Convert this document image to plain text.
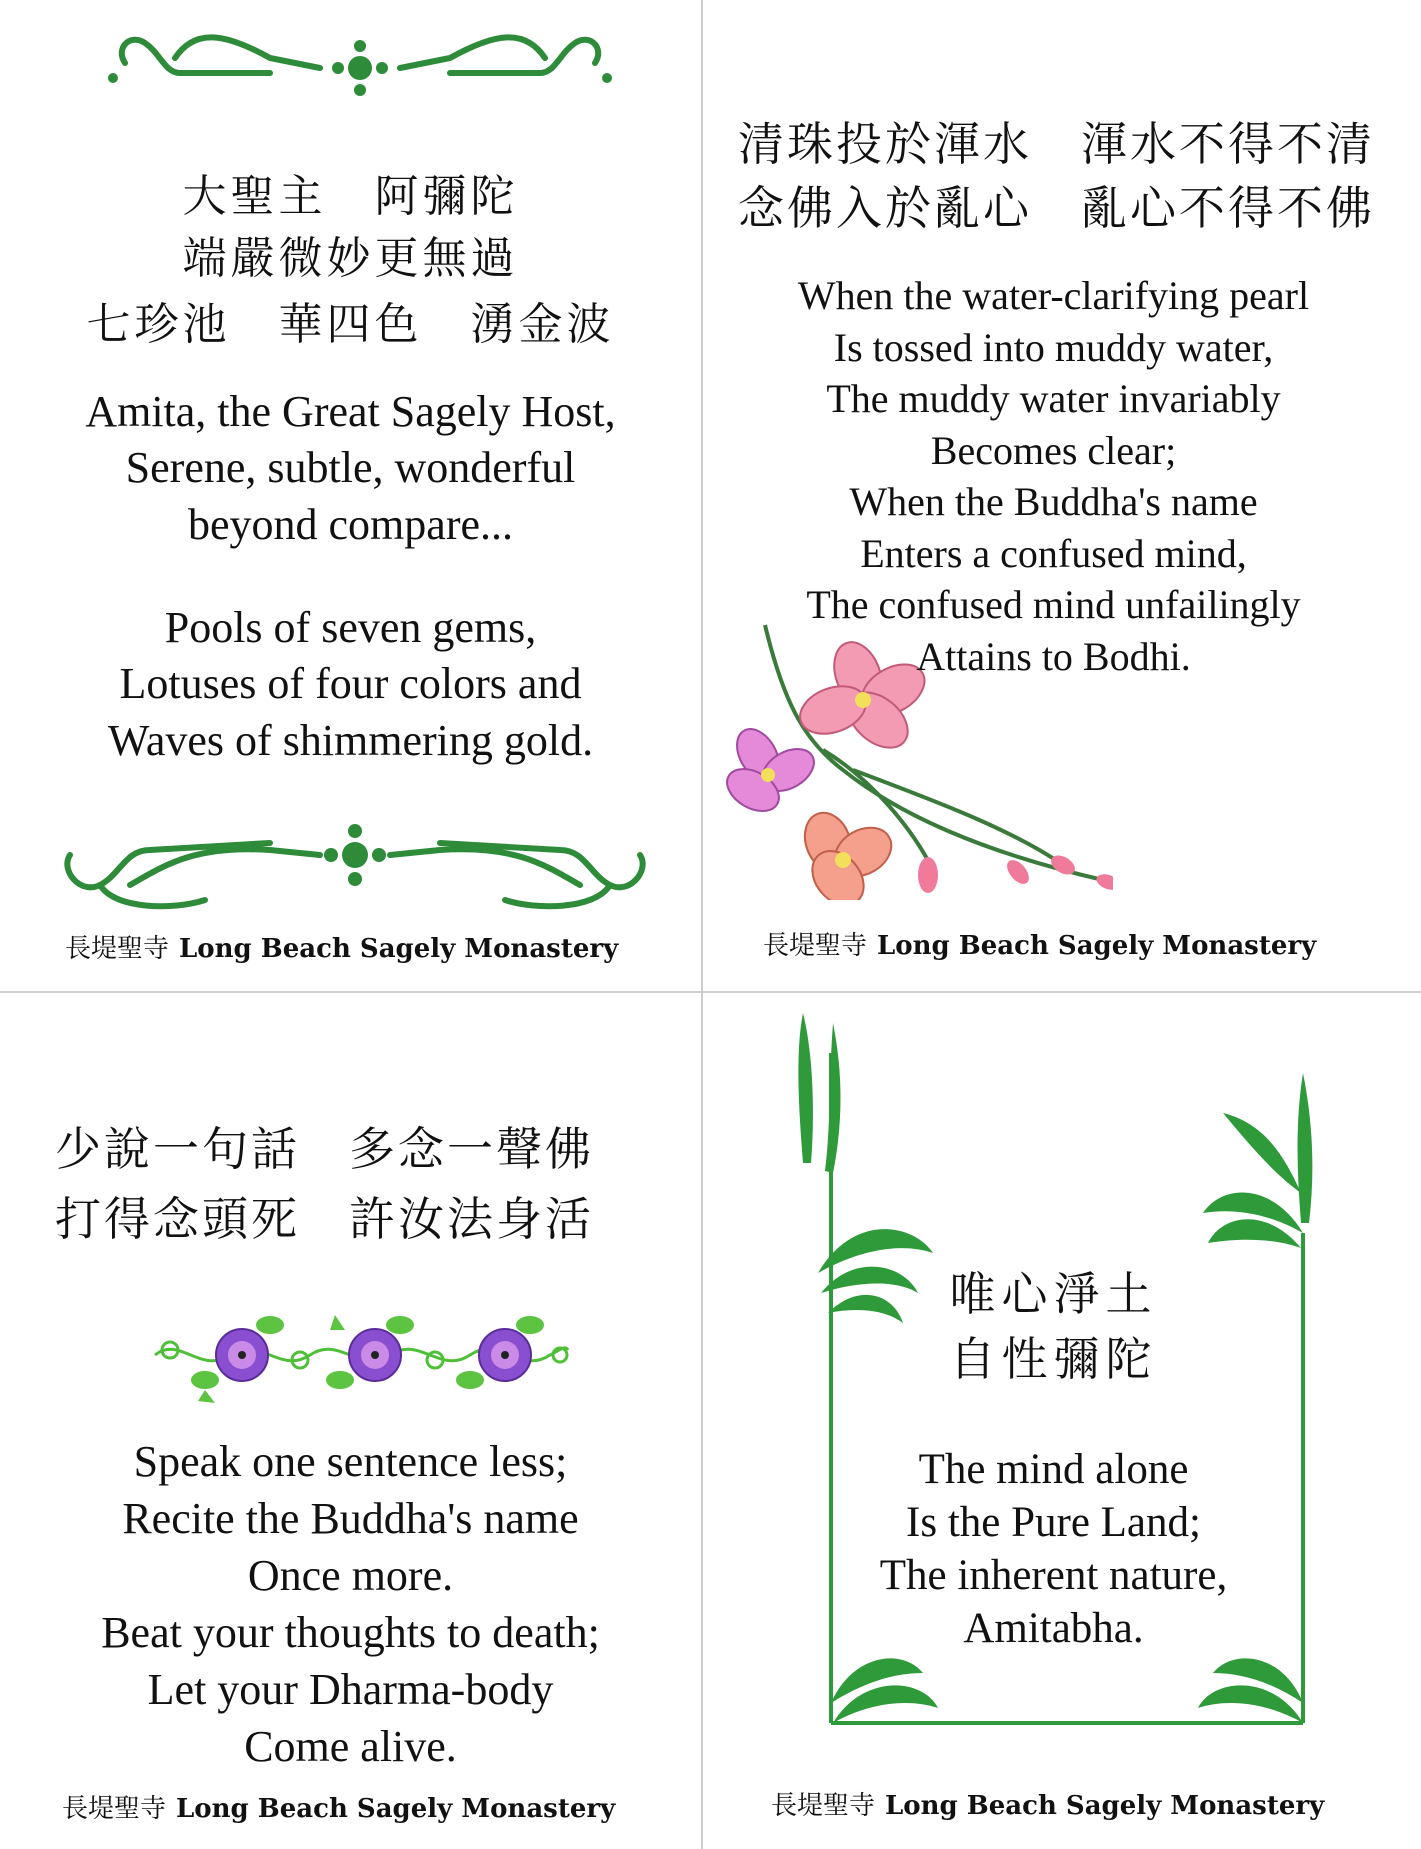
大聖主　阿彌陀
端嚴微妙更無過
七珍池　華四色　湧金波
Amita, the Great Sagely Host,
Serene, subtle, wonderful
beyond compare...
Pools of seven gems,
Lotuses of four colors and
Waves of shimmering gold.
長堤聖寺 Long Beach Sagely Monastery
清珠投於渾水　渾水不得不清
念佛入於亂心　亂心不得不佛
When the water-clarifying pearl
Is tossed into muddy water,
The muddy water invariably
Becomes clear;
When the Buddha's name
Enters a confused mind,
The confused mind unfailingly
Attains to Bodhi.
長堤聖寺 Long Beach Sagely Monastery
少說一句話　多念一聲佛
打得念頭死　許汝法身活
Speak one sentence less;
Recite the Buddha's name
Once more.
Beat your thoughts to death;
Let your Dharma-body
Come alive.
長堤聖寺 Long Beach Sagely Monastery
唯心淨土
自性彌陀
The mind alone
Is the Pure Land;
The inherent nature,
Amitabha.
長堤聖寺 Long Beach Sagely Monastery
